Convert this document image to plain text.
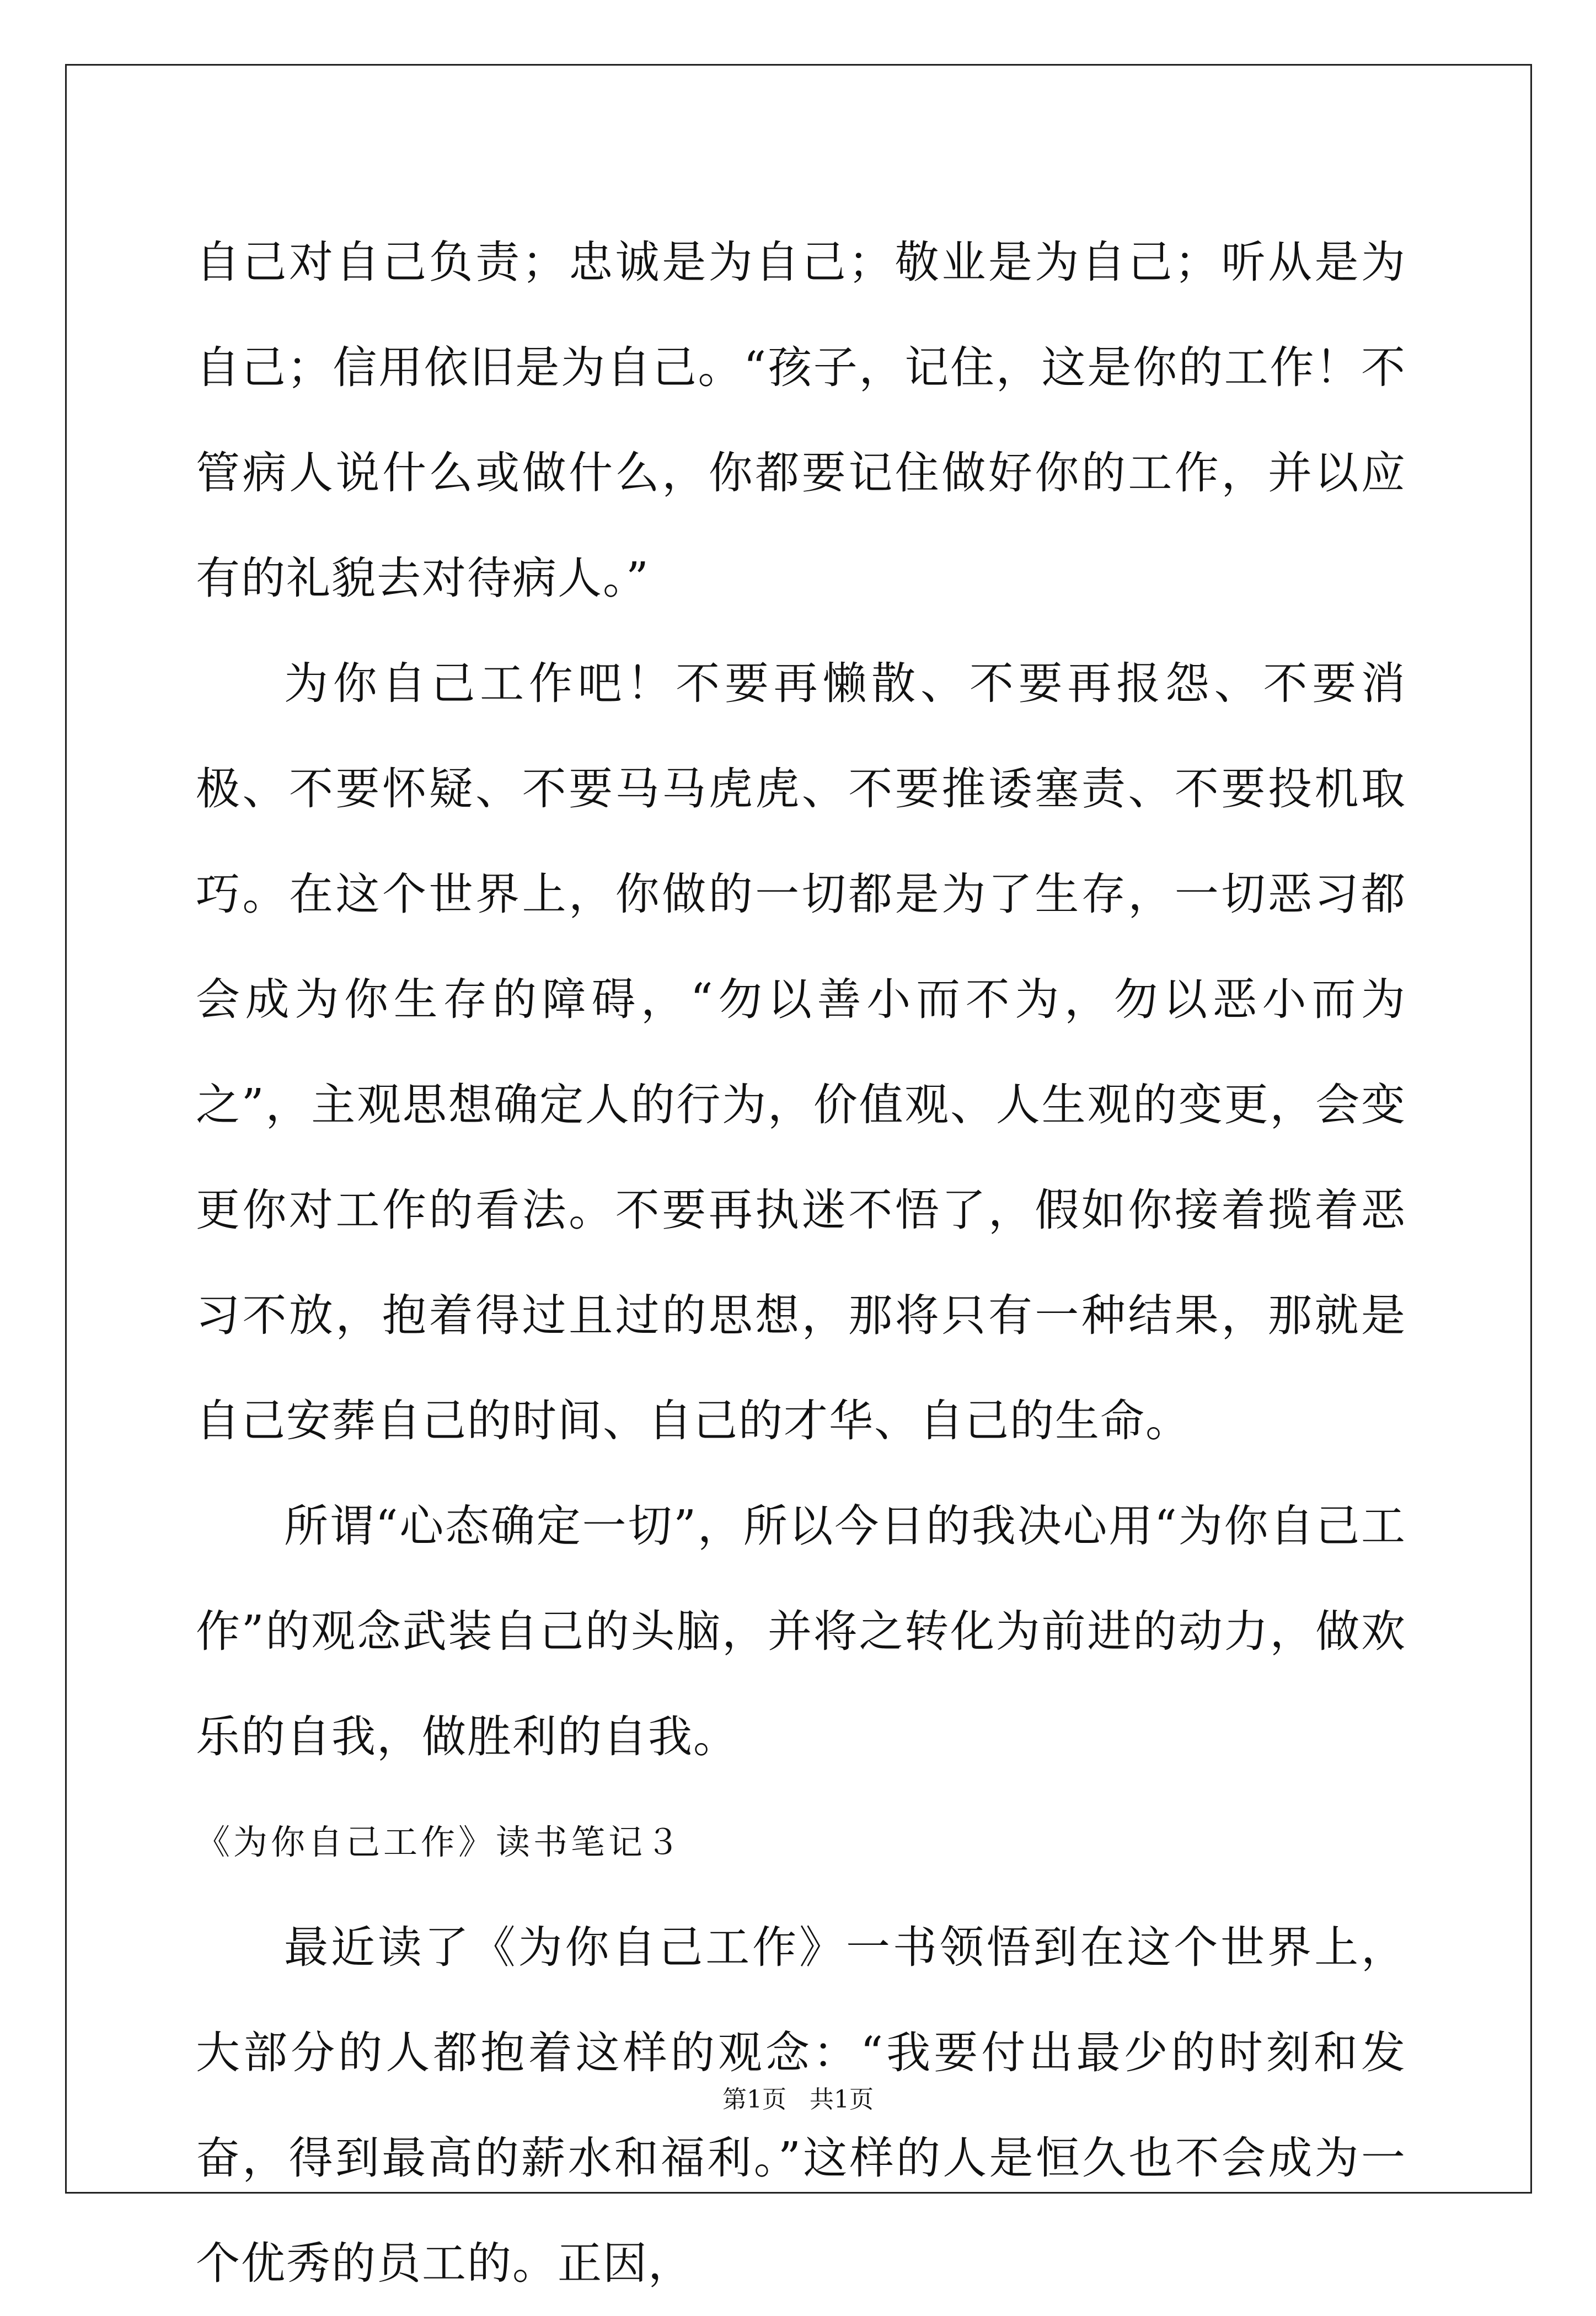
自己对自己负责；忠诚是为自己；敬业是为自己；听从是为自己；信用依旧是为自己。“孩子，记住，这是你的工作！不管病人说什么或做什么，你都要记住做好你的工作，并以应有的礼貌去对待病人。”

为你自己工作吧！不要再懒散、不要再报怨、不要消极、不要怀疑、不要马马虎虎、不要推诿塞责、不要投机取巧。在这个世界上，你做的一切都是为了生存，一切恶习都会成为你生存的障碍，“勿以善小而不为，勿以恶小而为之”，主观思想确定人的行为，价值观、人生观的变更，会变更你对工作的看法。不要再执迷不悟了，假如你接着揽着恶习不放，抱着得过且过的思想，那将只有一种结果，那就是自己安葬自己的时间、自己的才华、自己的生命。

所谓“心态确定一切”，所以今日的我决心用“为你自己工作”的观念武装自己的头脑，并将之转化为前进的动力，做欢乐的自我，做胜利的自我。

《为你自己工作》读书笔记３

最近读了《为你自己工作》一书领悟到在这个世界上，大部分的人都抱着这样的观念：“我要付出最少的时刻和发奋，得到最高的薪水和福利。”这样的人是恒久也不会成为一个优秀的员工的。正因，

第1页   共1页
